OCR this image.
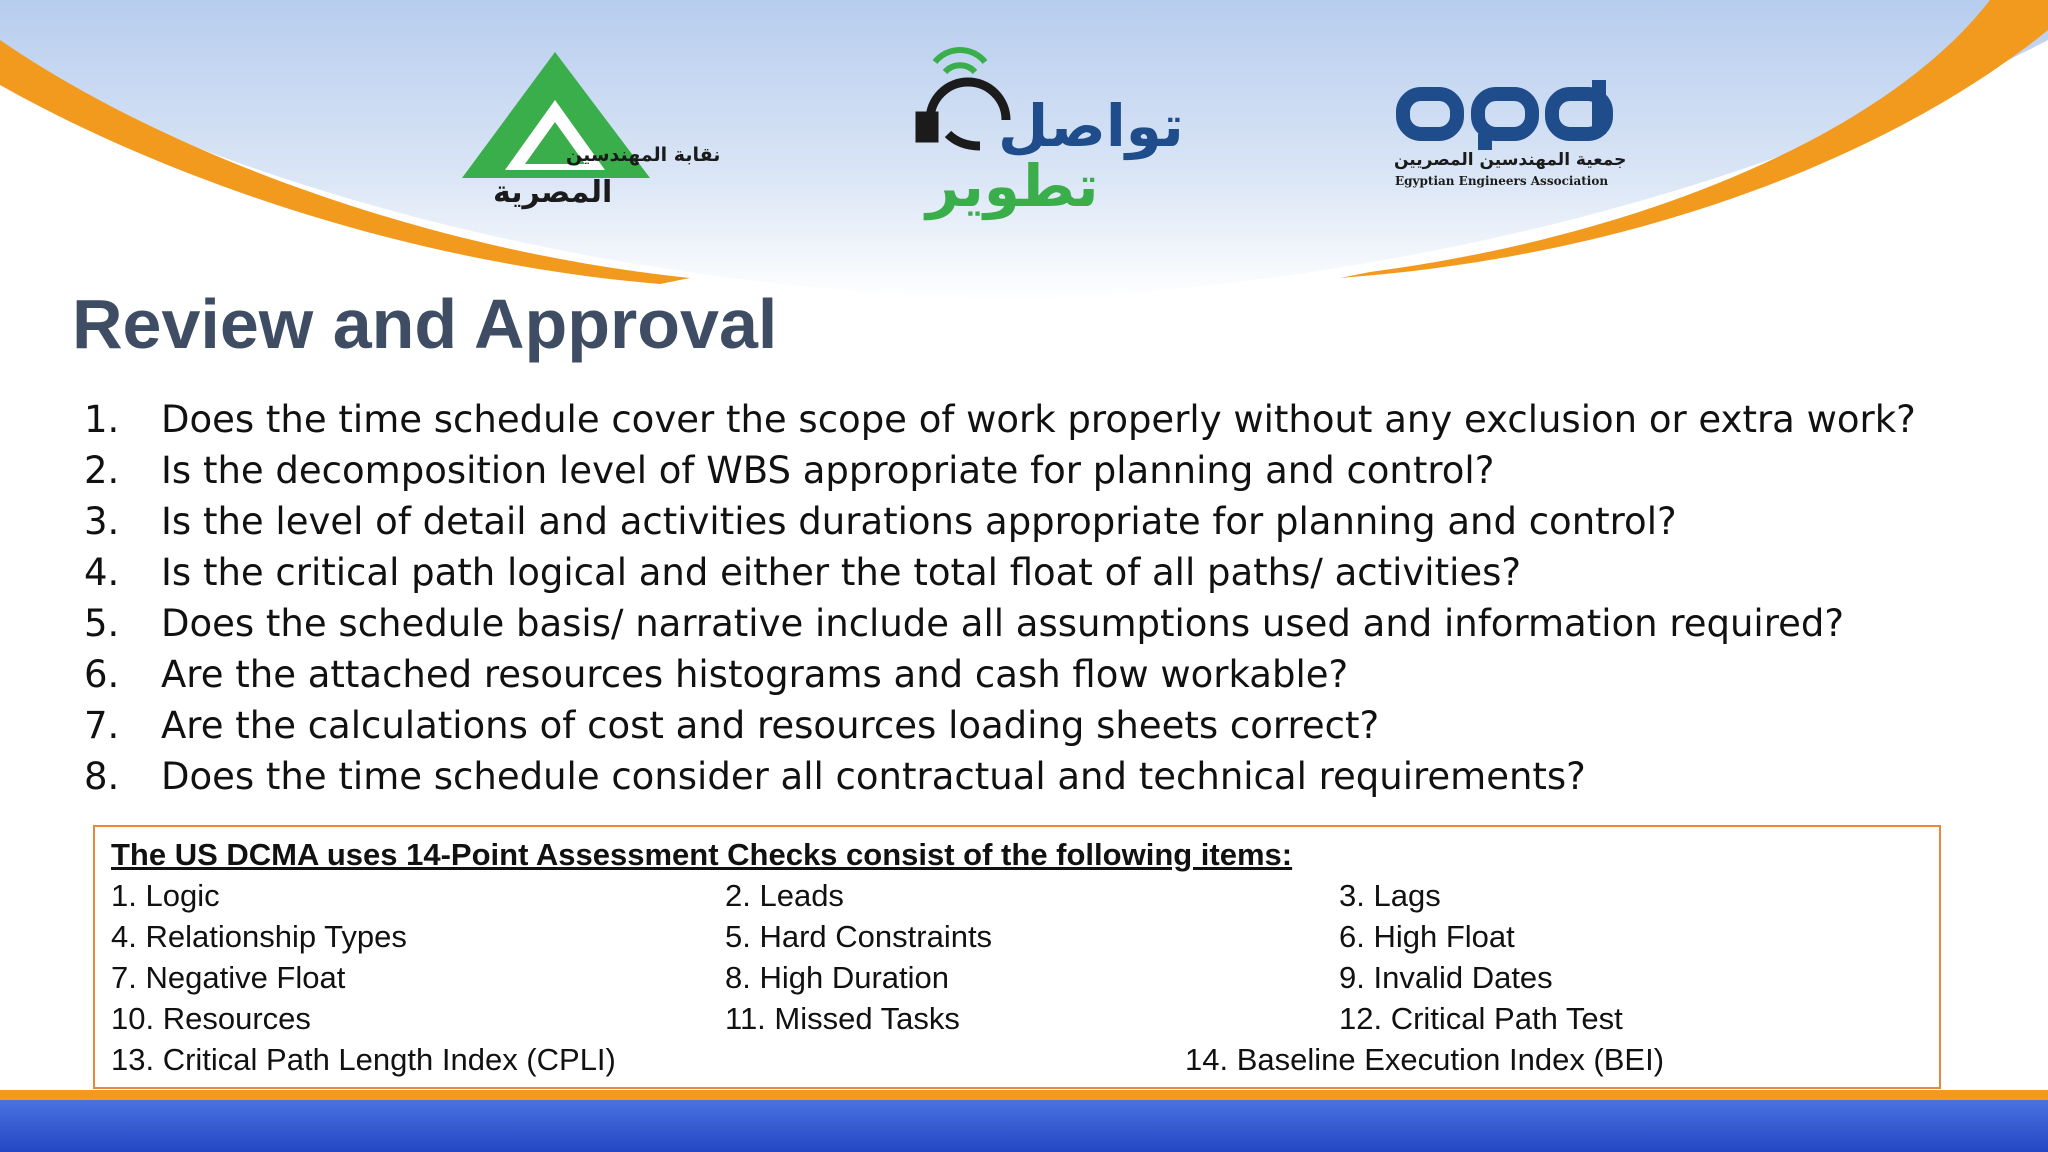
نقابة المهندسين
المصرية
تواصل
تطوير	جمعية المهندسين المصريين
Egyptian Engineers Association
Review and Approval
1. Does the time schedule cover the scope of work properly without any exclusion or extra work?
2. Is the decomposition level of WBS appropriate for planning and control?
3. Is the level of detail and activities durations appropriate for planning and control?
4. Is the critical path logical and either the total float of all paths/ activities?
5. Does the schedule basis/ narrative include all assumptions used and information required?
6. Are the attached resources histograms and cash flow workable?
7. Are the calculations of cost and resources loading sheets correct?
8. Does the time schedule consider all contractual and technical requirements?
The US DCMA uses 14-Point Assessment Checks consist of the following items:
1. Logic	2. Leads	3. Lags
4. Relationship Types	5. Hard Constraints	6. High Float
7. Negative Float	8. High Duration	9. Invalid Dates
10. Resources	11. Missed Tasks	12. Critical Path Test
13. Critical Path Length Index (CPLI)	14. Baseline Execution Index (BEI)
